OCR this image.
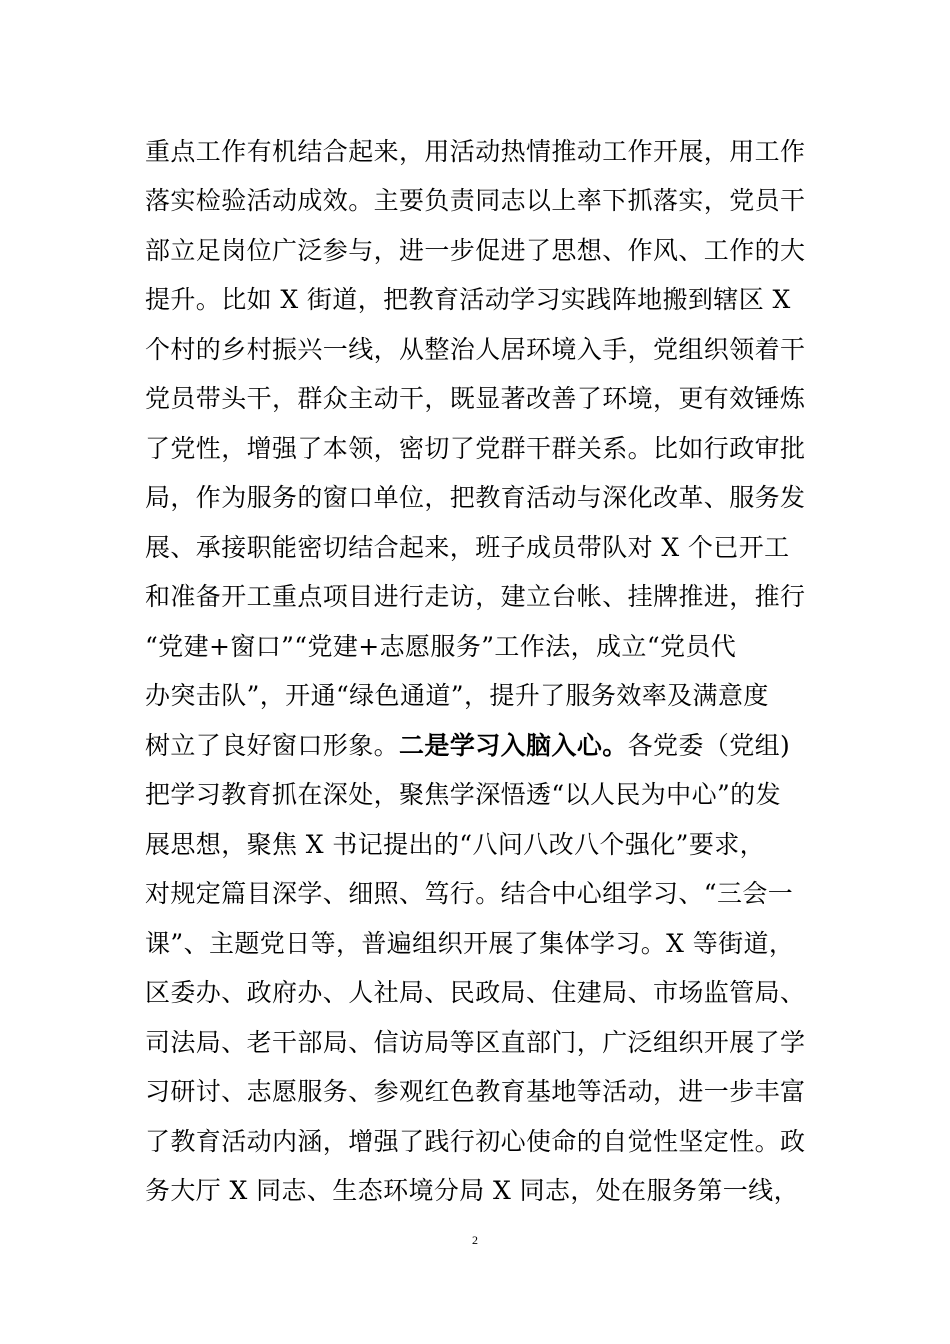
重点工作有机结合起来，用活动热情推动工作开展，用工作
落实检验活动成效。主要负责同志以上率下抓落实，党员干
部立足岗位广泛参与，进一步促进了思想、作风、工作的大
提升。比如 X 街道，把教育活动学习实践阵地搬到辖区 X
个村的乡村振兴一线，从整治人居环境入手，党组织领着干
党员带头干，群众主动干，既显著改善了环境，更有效锤炼
了党性，增强了本领，密切了党群干群关系。比如行政审批
局，作为服务的窗口单位，把教育活动与深化改革、服务发
展、承接职能密切结合起来，班子成员带队对 X 个已开工
和准备开工重点项目进行走访，建立台帐、挂牌推进，推行
“党建+窗口”“党建+志愿服务”工作法，成立“党员代
办突击队”，开通“绿色通道”，提升了服务效率及满意度
树立了良好窗口形象。二是学习入脑入心。各党委（党组)
把学习教育抓在深处，聚焦学深悟透“以人民为中心”的发
展思想，聚焦 X 书记提出的“八问八改八个强化”要求，
对规定篇目深学、细照、笃行。结合中心组学习、“三会一
课”、主题党日等，普遍组织开展了集体学习。X 等街道，
区委办、政府办、人社局、民政局、住建局、市场监管局、
司法局、老干部局、信访局等区直部门，广泛组织开展了学
习研讨、志愿服务、参观红色教育基地等活动，进一步丰富
了教育活动内涵，增强了践行初心使命的自觉性坚定性。政
务大厅 X 同志、生态环境分局 X 同志，处在服务第一线，
2
